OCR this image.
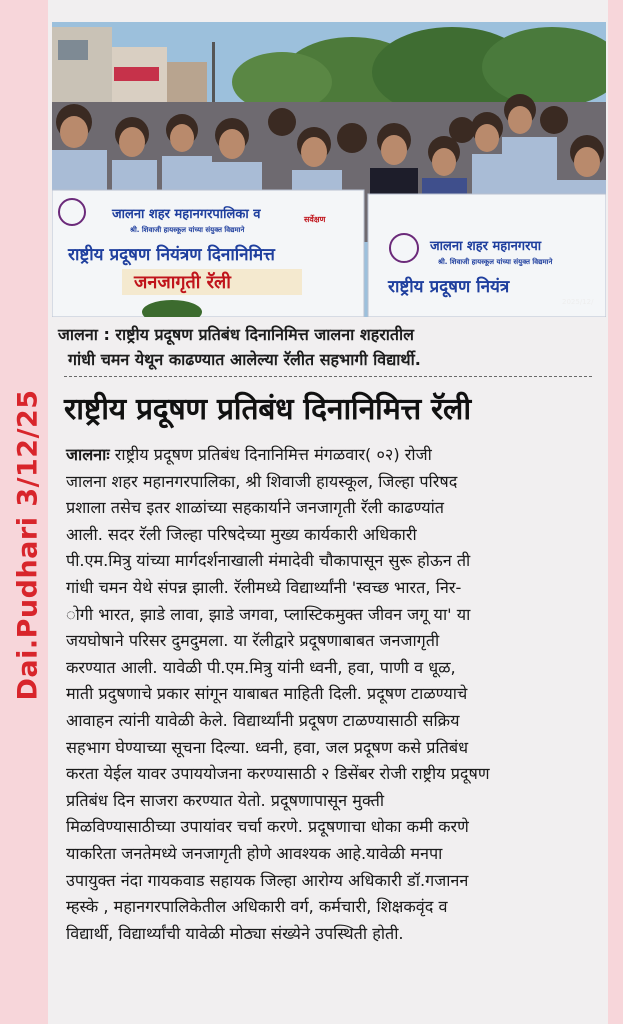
Dai.Pudhari 3/12/25
जालना शहर महानगरपालिका व
श्री. शिवाजी हायस्कूल यांच्या संयुक्त विद्यमाने
सर्वेक्षण
राष्ट्रीय प्रदूषण नियंत्रण दिनानिमित्त
जनजागृती रॅली
जालना शहर महानगरपा
श्री. शिवाजी हायस्कूल यांच्या संयुक्त विद्यमाने
राष्ट्रीय प्रदूषण नियंत्र
2025/12/
जालना : राष्ट्रीय प्रदूषण प्रतिबंध दिनानिमित्त जालना शहरातील
गांधी चमन येथून काढण्यात आलेल्या रॅलीत सहभागी विद्यार्थी.
राष्ट्रीय प्रदूषण प्रतिबंध दिनानिमित्त रॅली
जालनाः राष्ट्रीय प्रदूषण प्रतिबंध दिनानिमित्त मंगळवार( ०२) रोजी
जालना शहर महानगरपालिका, श्री शिवाजी हायस्कूल, जिल्हा परिषद
प्रशाला तसेच इतर शाळांच्या सहकार्याने जनजागृती रॅली काढण्यांत
आली. सदर रॅली जिल्हा परिषदेच्या मुख्य कार्यकारी अधिकारी
पी.एम.मित्रु यांच्या मार्गदर्शनाखाली मंमादेवी चौकापासून सुरू होऊन ती
गांधी चमन येथे संपन्न झाली. रॅलीमध्ये विद्यार्थ्यांनी 'स्वच्छ भारत, निर-
ोगी भारत, झाडे लावा, झाडे जगवा, प्लास्टिकमुक्त जीवन जगू या' या
जयघोषाने परिसर दुमदुमला. या रॅलीद्वारे प्रदूषणाबाबत जनजागृती
करण्यात आली. यावेळी पी.एम.मित्रु यांनी ध्वनी, हवा, पाणी व धूळ,
माती प्रदुषणाचे प्रकार सांगून याबाबत माहिती दिली. प्रदूषण टाळण्याचे
आवाहन त्यांनी यावेळी केले. विद्यार्थ्यांनी प्रदूषण टाळण्यासाठी सक्रिय
सहभाग घेण्याच्या सूचना दिल्या. ध्वनी, हवा, जल प्रदूषण कसे प्रतिबंध
करता येईल यावर उपाययोजना करण्यासाठी २ डिसेंबर रोजी राष्ट्रीय प्रदूषण
प्रतिबंध दिन साजरा करण्यात येतो. प्रदूषणापासून मुक्ती
मिळविण्यासाठीच्या उपायांवर चर्चा करणे. प्रदूषणाचा धोका कमी करणे
याकरिता जनतेमध्ये जनजागृती होणे आवश्यक आहे.यावेळी मनपा
उपायुक्त नंदा गायकवाड सहायक जिल्हा आरोग्य अधिकारी डॉ.गजानन
म्हस्के , महानगरपालिकेतील अधिकारी वर्ग, कर्मचारी, शिक्षकवृंद व
विद्यार्थी, विद्यार्थ्यांची यावेळी मोठ्या संख्येने उपस्थिती होती.
